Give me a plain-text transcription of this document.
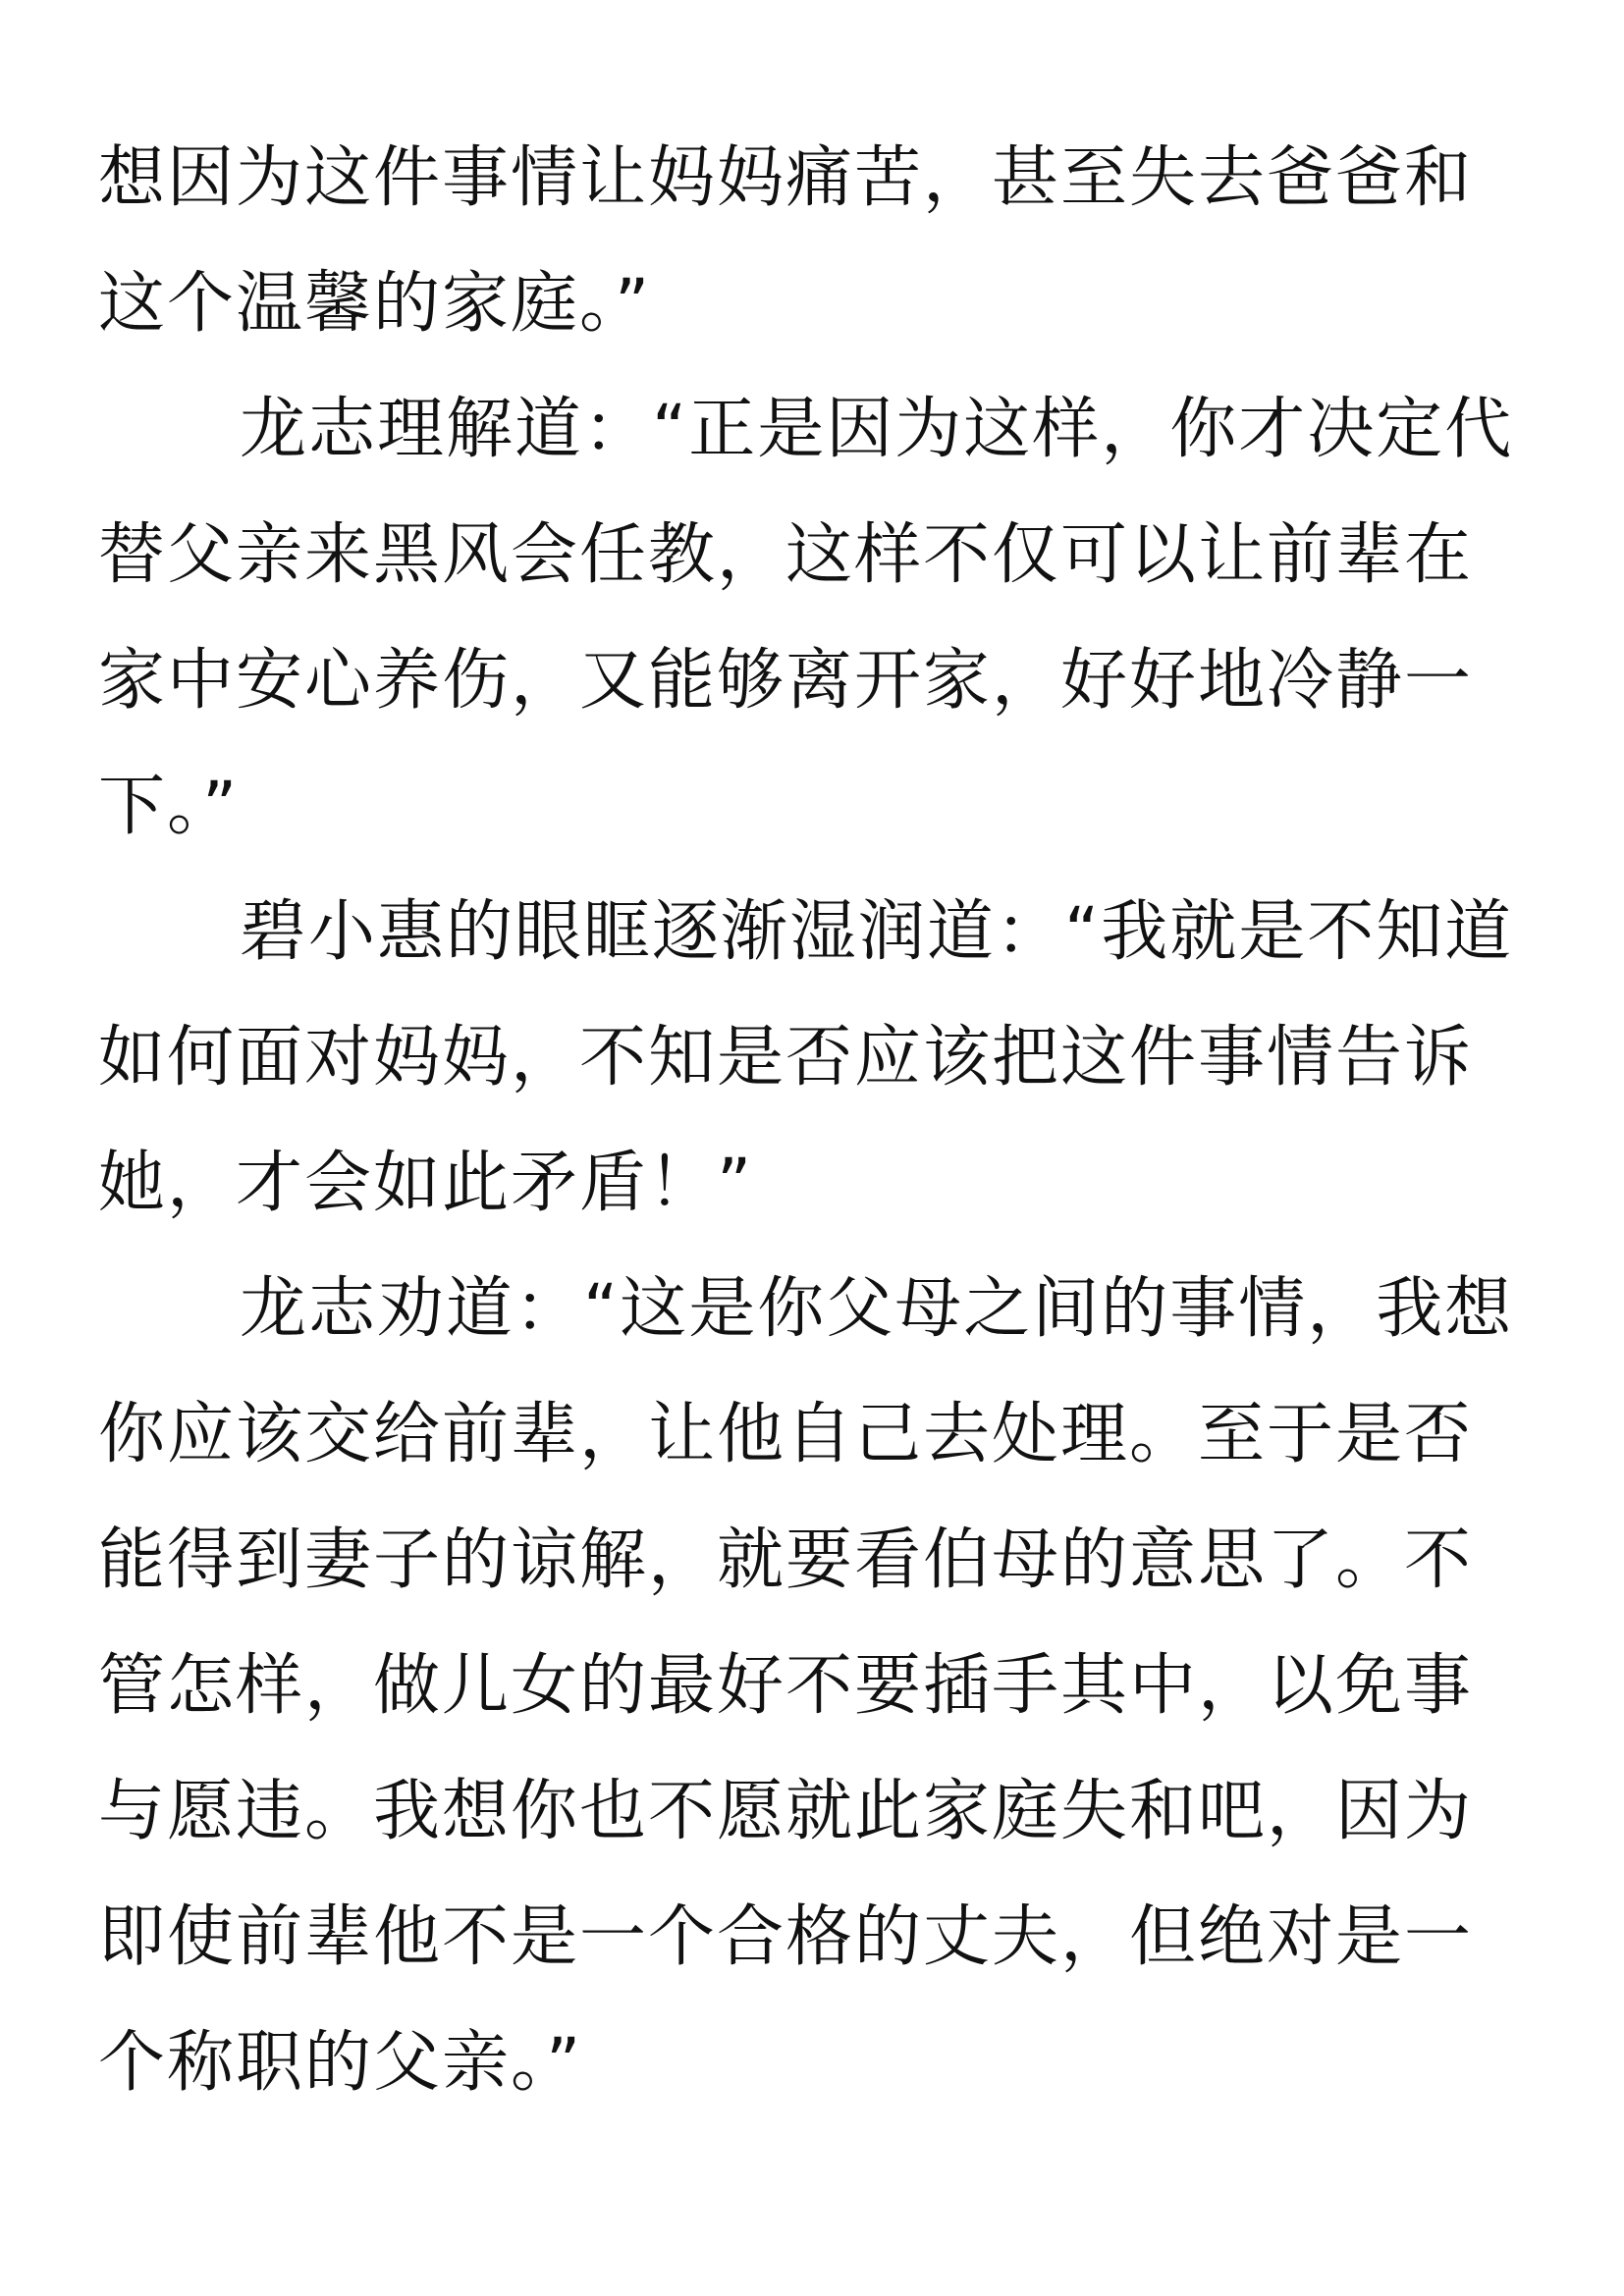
想因为这件事情让妈妈痛苦，甚至失去爸爸和
这个温馨的家庭。”
龙志理解道：“正是因为这样，你才决定代
替父亲来黑风会任教，这样不仅可以让前辈在
家中安心养伤，又能够离开家，好好地冷静一
下。”
碧小惠的眼眶逐渐湿润道：“我就是不知道
如何面对妈妈，不知是否应该把这件事情告诉
她，才会如此矛盾！”
龙志劝道：“这是你父母之间的事情，我想
你应该交给前辈，让他自己去处理。至于是否
能得到妻子的谅解，就要看伯母的意思了。不
管怎样，做儿女的最好不要插手其中，以免事
与愿违。我想你也不愿就此家庭失和吧，因为
即使前辈他不是一个合格的丈夫，但绝对是一
个称职的父亲。”
